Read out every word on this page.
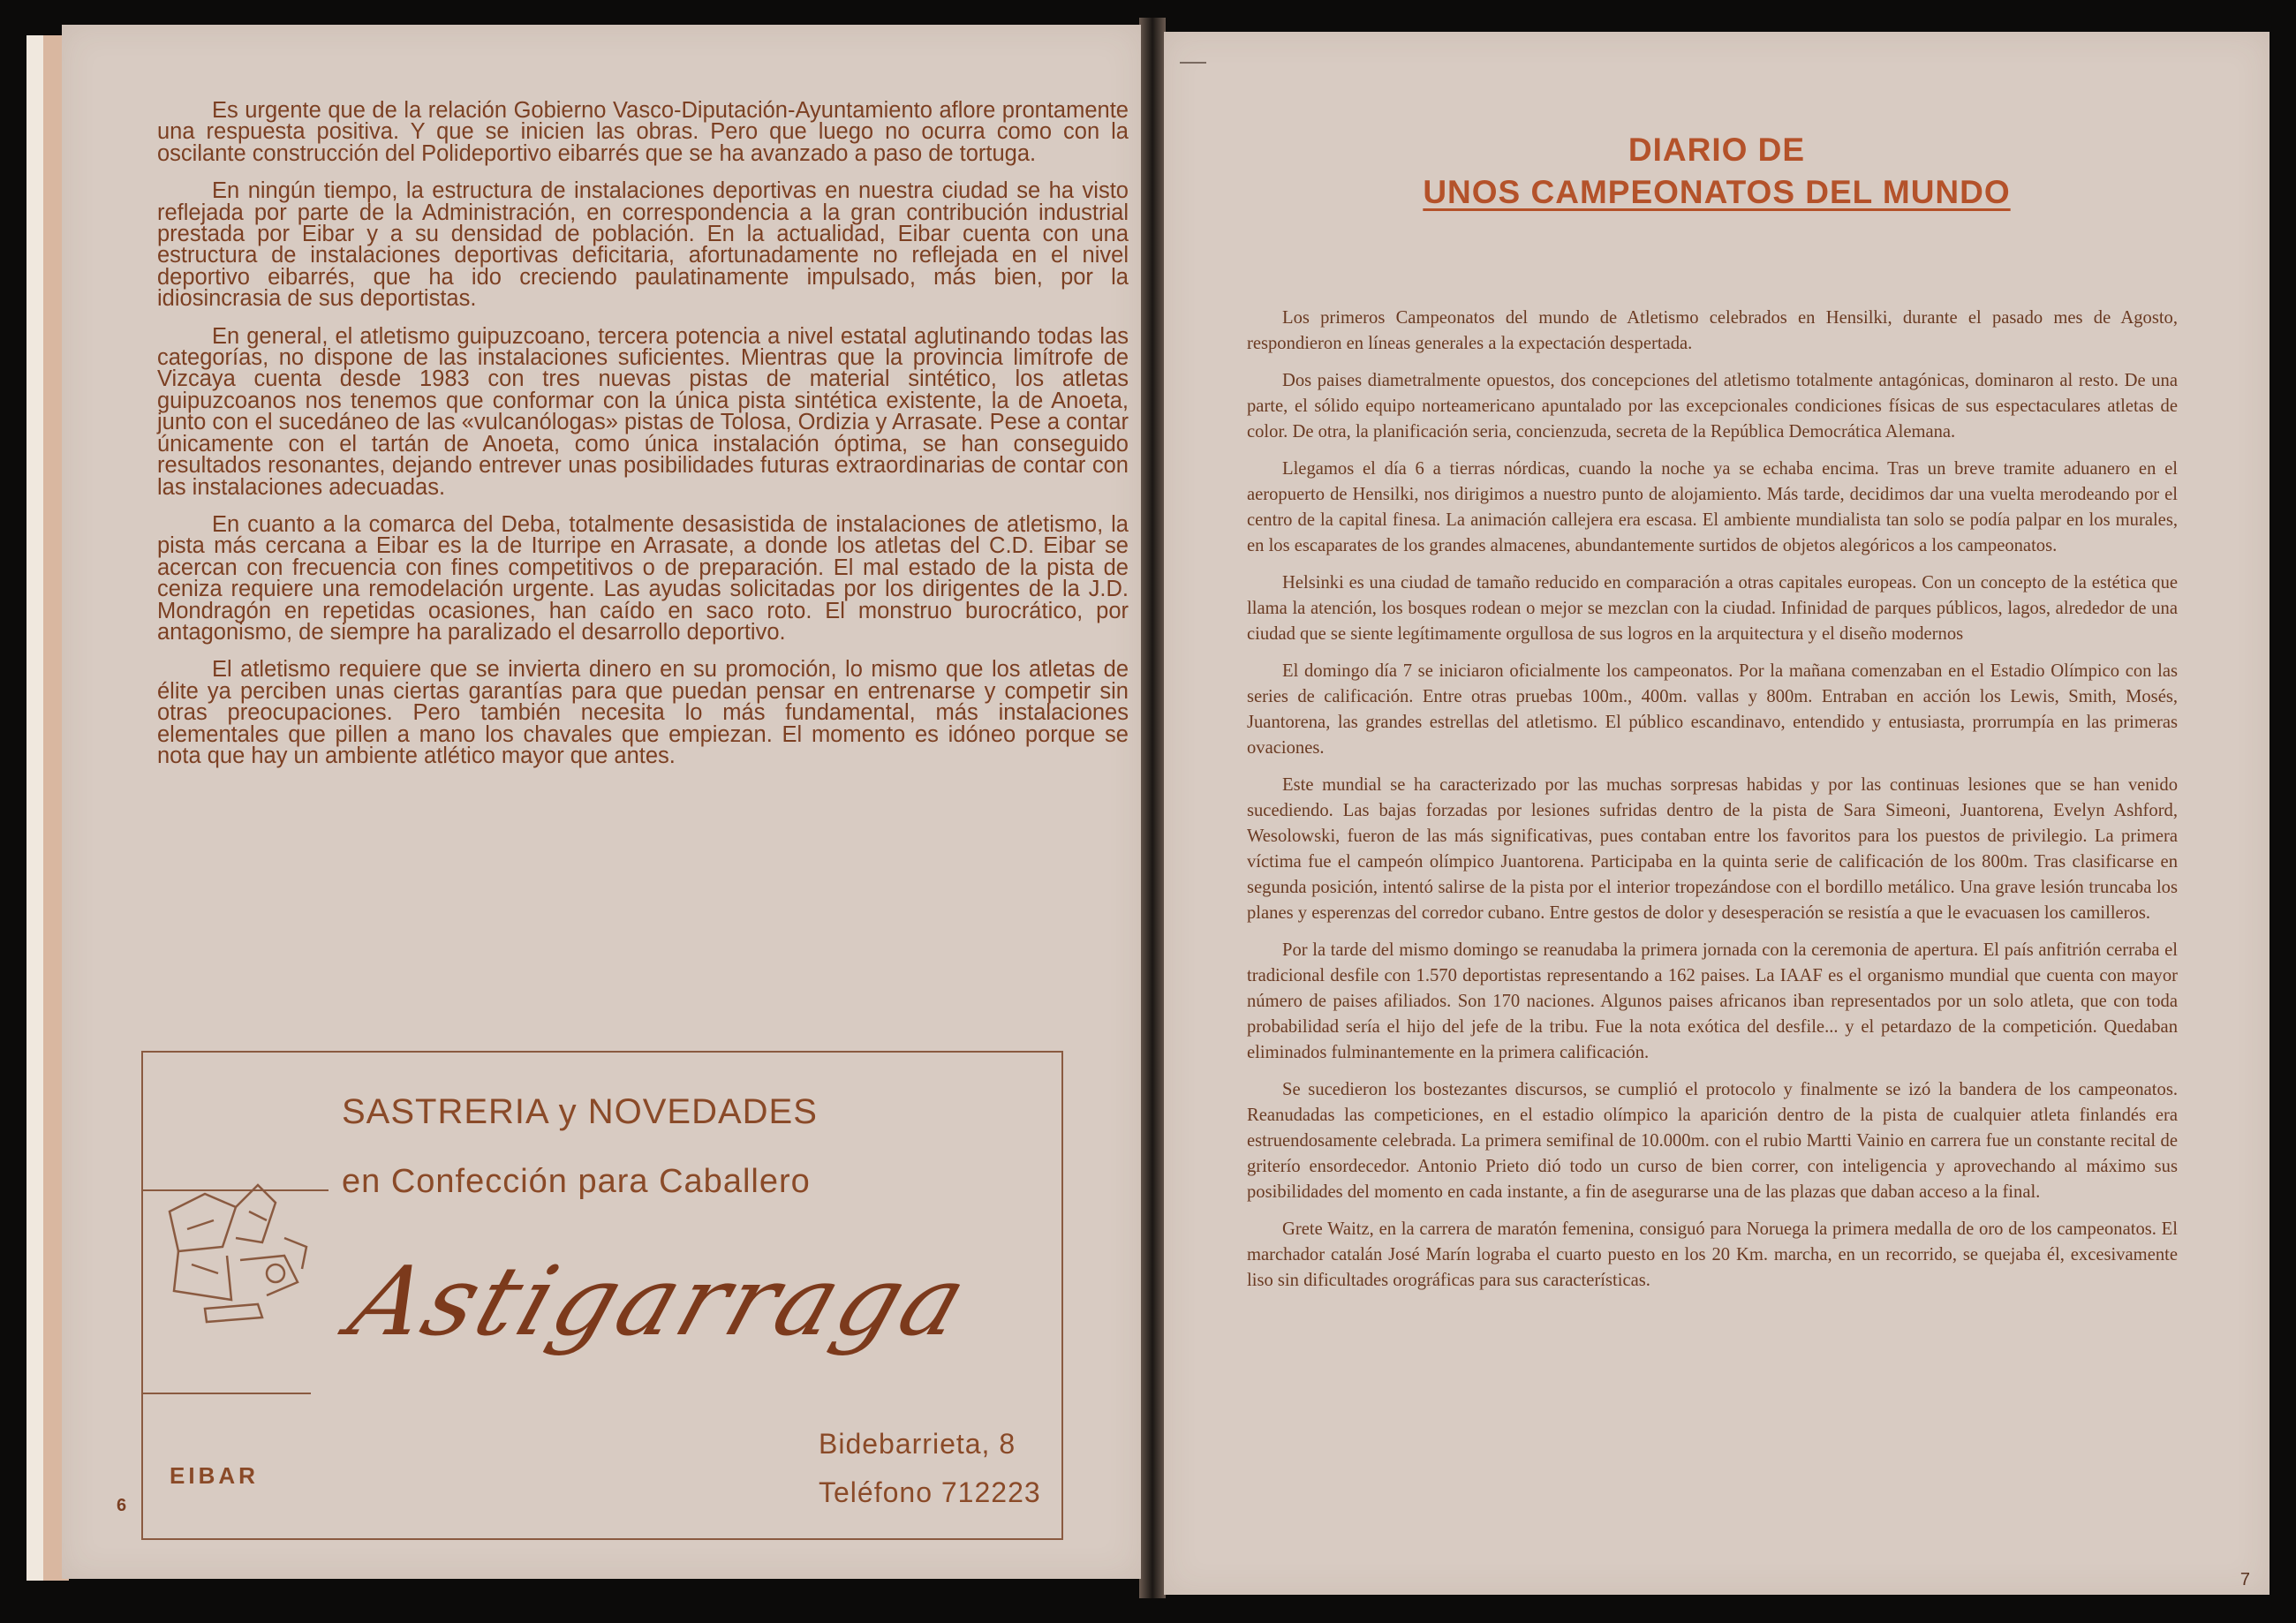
Es urgente que de la relación Gobierno Vasco-Diputación-Ayuntamiento aflore prontamente una respuesta positiva. Y que se inicien las obras. Pero que luego no ocurra como con la oscilante construcción del Polideportivo eibarrés que se ha avanzado a paso de tortuga.

En ningún tiempo, la estructura de instalaciones deportivas en nuestra ciudad se ha visto reflejada por parte de la Administración, en correspondencia a la gran contribución industrial prestada por Eibar y a su densidad de población. En la actualidad, Eibar cuenta con una estructura de instalaciones deportivas deficitaria, afortunadamente no reflejada en el nivel deportivo eibarrés, que ha ido creciendo paulatinamente impulsado, más bien, por la idiosincrasia de sus deportistas.

En general, el atletismo guipuzcoano, tercera potencia a nivel estatal aglutinando todas las categorías, no dispone de las instalaciones suficientes. Mientras que la provincia limítrofe de Vizcaya cuenta desde 1983 con tres nuevas pistas de material sintético, los atletas guipuzcoanos nos tenemos que conformar con la única pista sintética existente, la de Anoeta, junto con el sucedáneo de las «vulcanólogas» pistas de Tolosa, Ordizia y Arrasate. Pese a contar únicamente con el tartán de Anoeta, como única instalación óptima, se han conseguido resultados resonantes, dejando entrever unas posibilidades futuras extraordinarias de contar con las instalaciones adecuadas.

En cuanto a la comarca del Deba, totalmente desasistida de instalaciones de atletismo, la pista más cercana a Eibar es la de Iturripe en Arrasate, a donde los atletas del C.D. Eibar se acercan con frecuencia con fines competitivos o de preparación. El mal estado de la pista de ceniza requiere una remodelación urgente. Las ayudas solicitadas por los dirigentes de la J.D. Mondragón en repetidas ocasiones, han caído en saco roto. El monstruo burocrático, por antagonismo, de siempre ha paralizado el desarrollo deportivo.

El atletismo requiere que se invierta dinero en su promoción, lo mismo que los atletas de élite ya perciben unas ciertas garantías para que puedan pensar en entrenarse y competir sin otras preocupaciones. Pero también necesita lo más fundamental, más instalaciones elementales que pillen a mano los chavales que empiezan. El momento es idóneo porque se nota que hay un ambiente atlético mayor que antes.

SASTRERIA y NOVEDADES
en Confección para Caballero
Astigarraga
EIBAR
Bidebarrieta, 8
Teléfono 712223
6
DIARIO DE
UNOS CAMPEONATOS DEL MUNDO

Los primeros Campeonatos del mundo de Atletismo celebrados en Hensilki, durante el pasado mes de Agosto, respondieron en líneas generales a la expectación despertada.

Dos paises diametralmente opuestos, dos concepciones del atletismo totalmente antagónicas, dominaron al resto. De una parte, el sólido equipo norteamericano apuntalado por las excepcionales condiciones físicas de sus espectaculares atletas de color. De otra, la planificación seria, concienzuda, secreta de la República Democrática Alemana.

Llegamos el día 6 a tierras nórdicas, cuando la noche ya se echaba encima. Tras un breve tramite aduanero en el aeropuerto de Hensilki, nos dirigimos a nuestro punto de alojamiento. Más tarde, decidimos dar una vuelta merodeando por el centro de la capital finesa. La animación callejera era escasa. El ambiente mundialista tan solo se podía palpar en los murales, en los escaparates de los grandes almacenes, abundantemente surtidos de objetos alegóricos a los campeonatos.

Helsinki es una ciudad de tamaño reducido en comparación a otras capitales europeas. Con un concepto de la estética que llama la atención, los bosques rodean o mejor se mezclan con la ciudad. Infinidad de parques públicos, lagos, alrededor de una ciudad que se siente legítimamente orgullosa de sus logros en la arquitectura y el diseño modernos

El domingo día 7 se iniciaron oficialmente los campeonatos. Por la mañana comenzaban en el Estadio Olímpico con las series de calificación. Entre otras pruebas 100m., 400m. vallas y 800m. Entraban en acción los Lewis, Smith, Mosés, Juantorena, las grandes estrellas del atletismo. El público escandinavo, entendido y entusiasta, prorrumpía en las primeras ovaciones.

Este mundial se ha caracterizado por las muchas sorpresas habidas y por las continuas lesiones que se han venido sucediendo. Las bajas forzadas por lesiones sufridas dentro de la pista de Sara Simeoni, Juantorena, Evelyn Ashford, Wesolowski, fueron de las más significativas, pues contaban entre los favoritos para los puestos de privilegio. La primera víctima fue el campeón olímpico Juantorena. Participaba en la quinta serie de calificación de los 800m. Tras clasificarse en segunda posición, intentó salirse de la pista por el interior tropezándose con el bordillo metálico. Una grave lesión truncaba los planes y esperenzas del corredor cubano. Entre gestos de dolor y desesperación se resistía a que le evacuasen los camilleros.

Por la tarde del mismo domingo se reanudaba la primera jornada con la ceremonia de apertura. El país anfitrión cerraba el tradicional desfile con 1.570 deportistas representando a 162 paises. La IAAF es el organismo mundial que cuenta con mayor número de paises afiliados. Son 170 naciones. Algunos paises africanos iban representados por un solo atleta, que con toda probabilidad sería el hijo del jefe de la tribu. Fue la nota exótica del desfile... y el petardazo de la competición. Quedaban eliminados fulminantemente en la primera calificación.

Se sucedieron los bostezantes discursos, se cumplió el protocolo y finalmente se izó la bandera de los campeonatos. Reanudadas las competiciones, en el estadio olímpico la aparición dentro de la pista de cualquier atleta finlandés era estruendosamente celebrada. La primera semifinal de 10.000m. con el rubio Martti Vainio en carrera fue un constante recital de griterío ensordecedor. Antonio Prieto dió todo un curso de bien correr, con inteligencia y aprovechando al máximo sus posibilidades del momento en cada instante, a fin de asegurarse una de las plazas que daban acceso a la final.

Grete Waitz, en la carrera de maratón femenina, consiguó para Noruega la primera medalla de oro de los campeonatos. El marchador catalán José Marín lograba el cuarto puesto en los 20 Km. marcha, en un recorrido, se quejaba él, excesivamente liso sin dificultades orográficas para sus características.

7
